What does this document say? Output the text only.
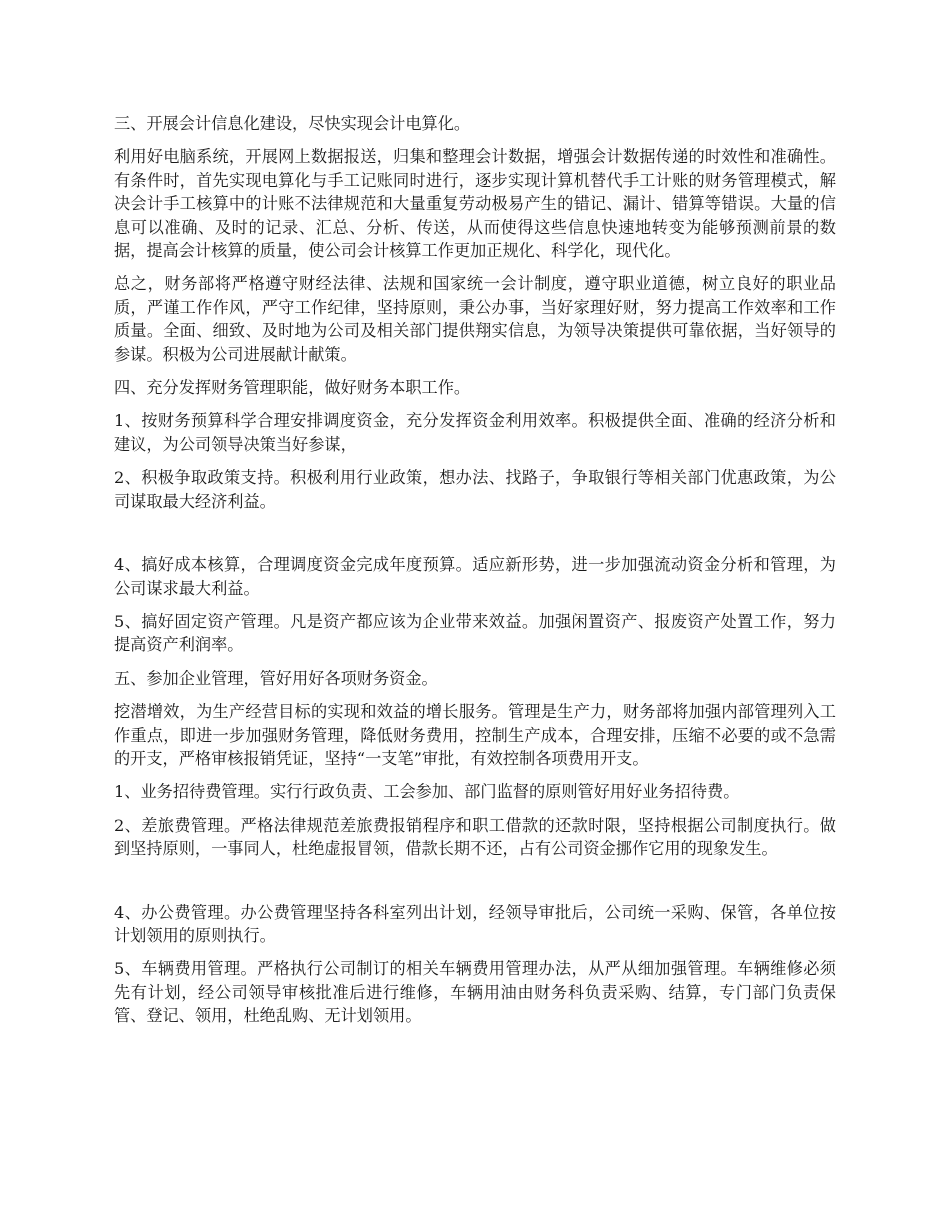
三、开展会计信息化建设，尽快实现会计电算化。

利用好电脑系统，开展网上数据报送，归集和整理会计数据，增强会计数据传递的时效性和准确性。有条件时，首先实现电算化与手工记账同时进行，逐步实现计算机替代手工计账的财务管理模式，解决会计手工核算中的计账不法律规范和大量重复劳动极易产生的错记、漏计、错算等错误。大量的信息可以准确、及时的记录、汇总、分析、传送，从而使得这些信息快速地转变为能够预测前景的数据，提高会计核算的质量，使公司会计核算工作更加正规化、科学化，现代化。

总之，财务部将严格遵守财经法律、法规和国家统一会计制度，遵守职业道德，树立良好的职业品质，严谨工作作风，严守工作纪律，坚持原则，秉公办事，当好家理好财，努力提高工作效率和工作质量。全面、细致、及时地为公司及相关部门提供翔实信息，为领导决策提供可靠依据，当好领导的参谋。积极为公司进展献计献策。

四、充分发挥财务管理职能，做好财务本职工作。

1、按财务预算科学合理安排调度资金，充分发挥资金利用效率。积极提供全面、准确的经济分析和建议，为公司领导决策当好参谋，

2、积极争取政策支持。积极利用行业政策，想办法、找路子，争取银行等相关部门优惠政策，为公司谋取最大经济利益。

4、搞好成本核算，合理调度资金完成年度预算。适应新形势，进一步加强流动资金分析和管理，为公司谋求最大利益。

5、搞好固定资产管理。凡是资产都应该为企业带来效益。加强闲置资产、报废资产处置工作，努力提高资产利润率。

五、参加企业管理，管好用好各项财务资金。

挖潜增效，为生产经营目标的实现和效益的增长服务。管理是生产力，财务部将加强内部管理列入工作重点，即进一步加强财务管理，降低财务费用，控制生产成本，合理安排，压缩不必要的或不急需的开支，严格审核报销凭证，坚持“一支笔”审批，有效控制各项费用开支。

1、业务招待费管理。实行行政负责、工会参加、部门监督的原则管好用好业务招待费。

2、差旅费管理。严格法律规范差旅费报销程序和职工借款的还款时限，坚持根据公司制度执行。做到坚持原则，一事同人，杜绝虚报冒领，借款长期不还，占有公司资金挪作它用的现象发生。

4、办公费管理。办公费管理坚持各科室列出计划，经领导审批后，公司统一采购、保管，各单位按计划领用的原则执行。

5、车辆费用管理。严格执行公司制订的相关车辆费用管理办法，从严从细加强管理。车辆维修必须先有计划，经公司领导审核批准后进行维修，车辆用油由财务科负责采购、结算，专门部门负责保管、登记、领用，杜绝乱购、无计划领用。
